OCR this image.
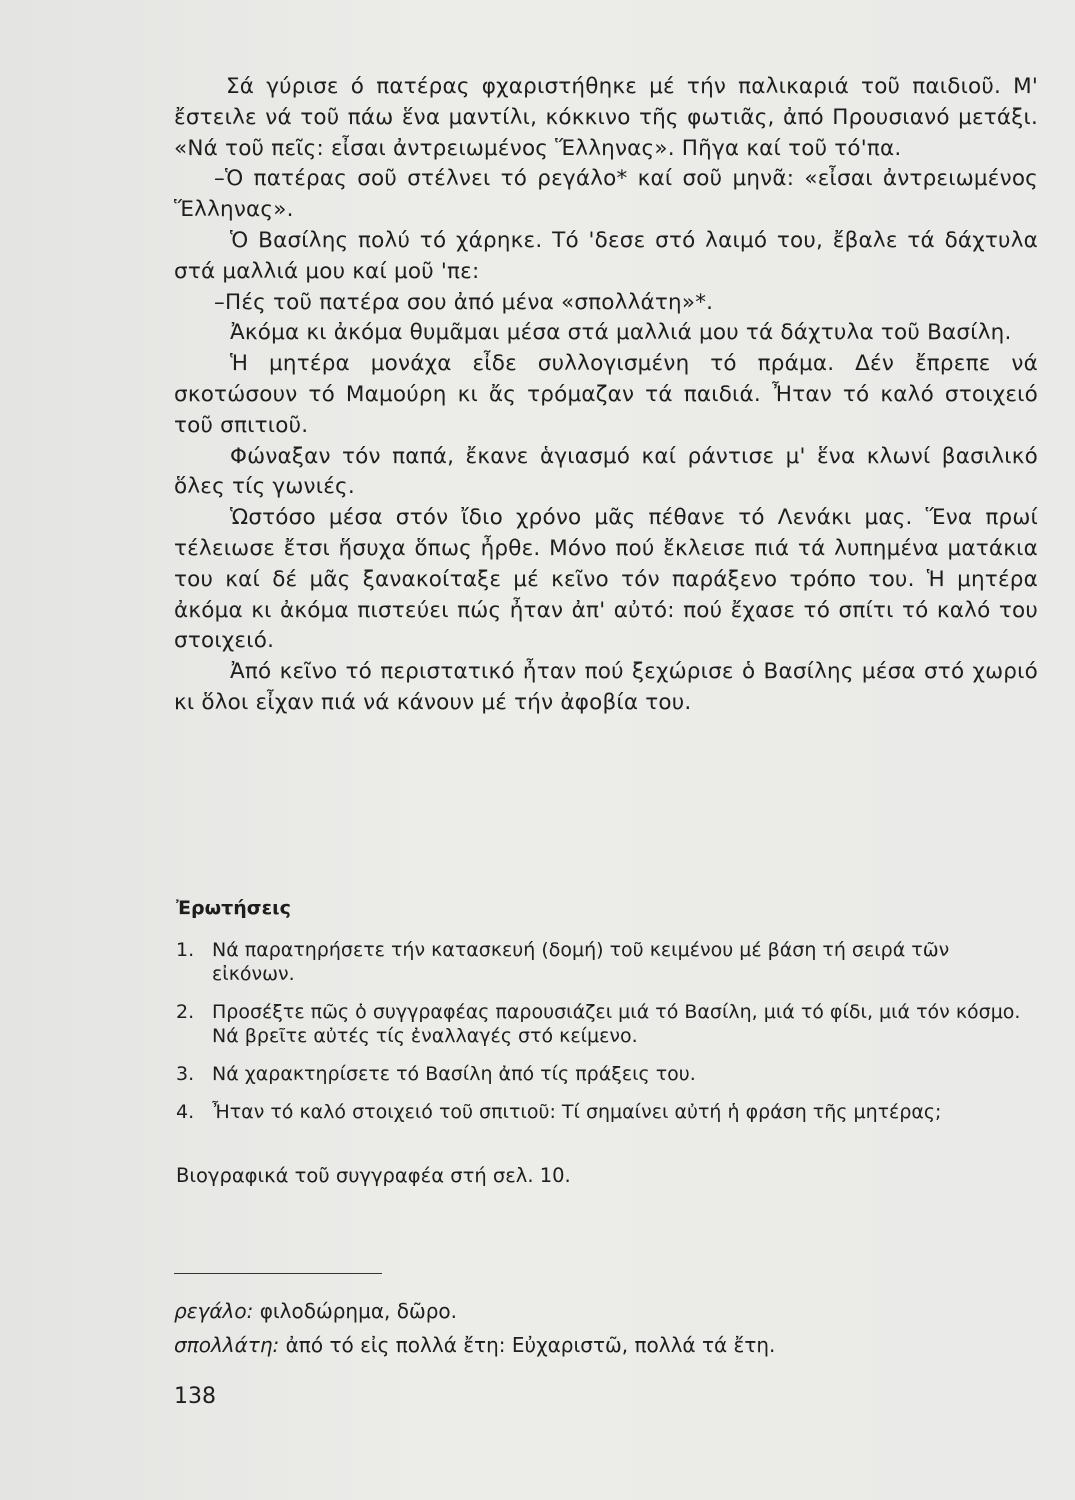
Σά γύρισε ό πατέρας φχαριστήθηκε μέ τήν παλικαριά τοῦ παιδιοῦ. Μ' ἔστειλε νά τοῦ πάω ἕνα μαντίλι, κόκκινο τῆς φωτιᾶς, ἀπό Προυσιανό μετάξι. «Νά τοῦ πεῖς: εἶσαι ἀντρειωμένος Ἕλληνας». Πῆγα καί τοῦ τό'πα.

–Ὁ πατέρας σοῦ στέλνει τό ρεγάλο* καί σοῦ μηνᾶ: «εἶσαι ἀντρειωμένος Ἕλληνας».

Ὁ Βασίλης πολύ τό χάρηκε. Τό 'δεσε στό λαιμό του, ἔβαλε τά δάχτυλα στά μαλλιά μου καί μοῦ 'πε:

–Πές τοῦ πατέρα σου ἀπό μένα «σπολλάτη»*.

Ἀκόμα κι ἀκόμα θυμᾶμαι μέσα στά μαλλιά μου τά δάχτυλα τοῦ Βασίλη.

Ἡ μητέρα μονάχα εἶδε συλλογισμένη τό πράμα. Δέν ἔπρεπε νά σκοτώσουν τό Μαμούρη κι ἄς τρόμαζαν τά παιδιά. Ἦταν τό καλό στοιχειό τοῦ σπιτιοῦ.

Φώναξαν τόν παπά, ἔκανε ἁγιασμό καί ράντισε μ' ἕνα κλωνί βασιλικό ὅλες τίς γωνιές.

Ὡστόσο μέσα στόν ἴδιο χρόνο μᾶς πέθανε τό Λενάκι μας. Ἕνα πρωί τέλειωσε ἔτσι ἥσυχα ὅπως ἦρθε. Μόνο πού ἔκλεισε πιά τά λυπημένα ματάκια του καί δέ μᾶς ξανακοίταξε μέ κεῖνο τόν παράξενο τρόπο του. Ἡ μητέρα ἀκόμα κι ἀκόμα πιστεύει πώς ἦταν ἀπ' αὐτό: πού ἔχασε τό σπίτι τό καλό του στοιχειό.

Ἀπό κεῖνο τό περιστατικό ἦταν πού ξεχώρισε ὁ Βασίλης μέσα στό χωριό κι ὅλοι εἶχαν πιά νά κάνουν μέ τήν ἀφοβία του.

Ἐρωτήσεις
1. Νά παρατηρήσετε τήν κατασκευή (δομή) τοῦ κειμένου μέ βάση τή σειρά τῶν εἰκόνων.
2. Προσέξτε πῶς ὁ συγγραφέας παρουσιάζει μιά τό Βασίλη, μιά τό φίδι, μιά τόν κόσμο. Νά βρεῖτε αὐτές τίς ἐναλλαγές στό κείμενο.
3. Νά χαρακτηρίσετε τό Βασίλη ἀπό τίς πράξεις του.
4. Ἦταν τό καλό στοιχειό τοῦ σπιτιοῦ: Τί σημαίνει αὐτή ἡ φράση τῆς μητέρας;
Βιογραφικά τοῦ συγγραφέα στή σελ. 10.
ρεγάλο: φιλοδώρημα, δῶρο.
σπολλάτη: ἀπό τό εἰς πολλά ἔτη: Εὐχαριστῶ, πολλά τά ἔτη.
138
